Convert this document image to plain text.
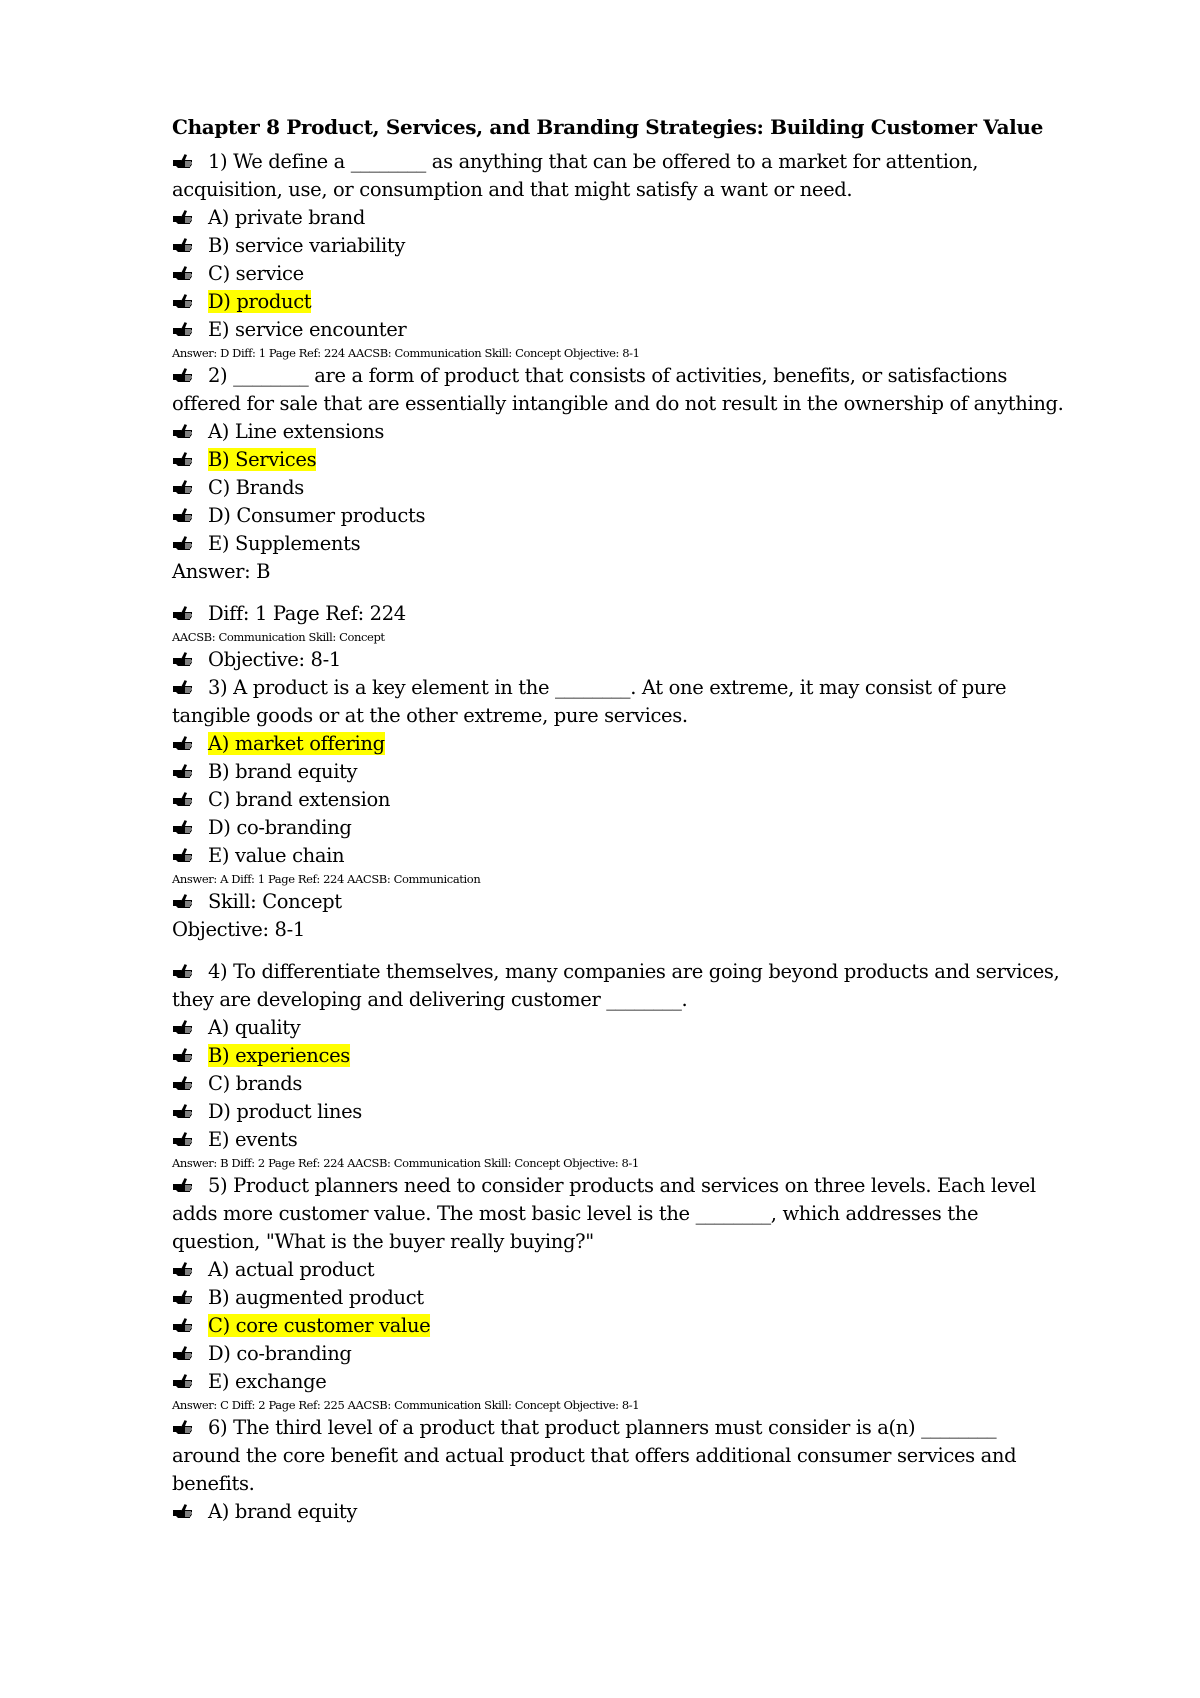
Chapter 8 Product, Services, and Branding Strategies: Building Customer Value
1) We define a ________ as anything that can be offered to a market for attention,
acquisition, use, or consumption and that might satisfy a want or need.
A) private brand
B) service variability
C) service
D) product
E) service encounter
Answer: D Diff: 1 Page Ref: 224 AACSB: Communication Skill: Concept Objective: 8-1
2) ________ are a form of product that consists of activities, benefits, or satisfactions
offered for sale that are essentially intangible and do not result in the ownership of anything.
A) Line extensions
B) Services
C) Brands
D) Consumer products
E) Supplements
Answer: B
Diff: 1 Page Ref: 224
AACSB: Communication Skill: Concept
Objective: 8-1
3) A product is a key element in the ________. At one extreme, it may consist of pure
tangible goods or at the other extreme, pure services.
A) market offering
B) brand equity
C) brand extension
D) co-branding
E) value chain
Answer: A Diff: 1 Page Ref: 224 AACSB: Communication
Skill: Concept
Objective: 8-1
4) To differentiate themselves, many companies are going beyond products and services,
they are developing and delivering customer ________.
A) quality
B) experiences
C) brands
D) product lines
E) events
Answer: B Diff: 2 Page Ref: 224 AACSB: Communication Skill: Concept Objective: 8-1
5) Product planners need to consider products and services on three levels. Each level
adds more customer value. The most basic level is the ________, which addresses the
question, "What is the buyer really buying?"
A) actual product
B) augmented product
C) core customer value
D) co-branding
E) exchange
Answer: C Diff: 2 Page Ref: 225 AACSB: Communication Skill: Concept Objective: 8-1
6) The third level of a product that product planners must consider is a(n) ________
around the core benefit and actual product that offers additional consumer services and
benefits.
A) brand equity
